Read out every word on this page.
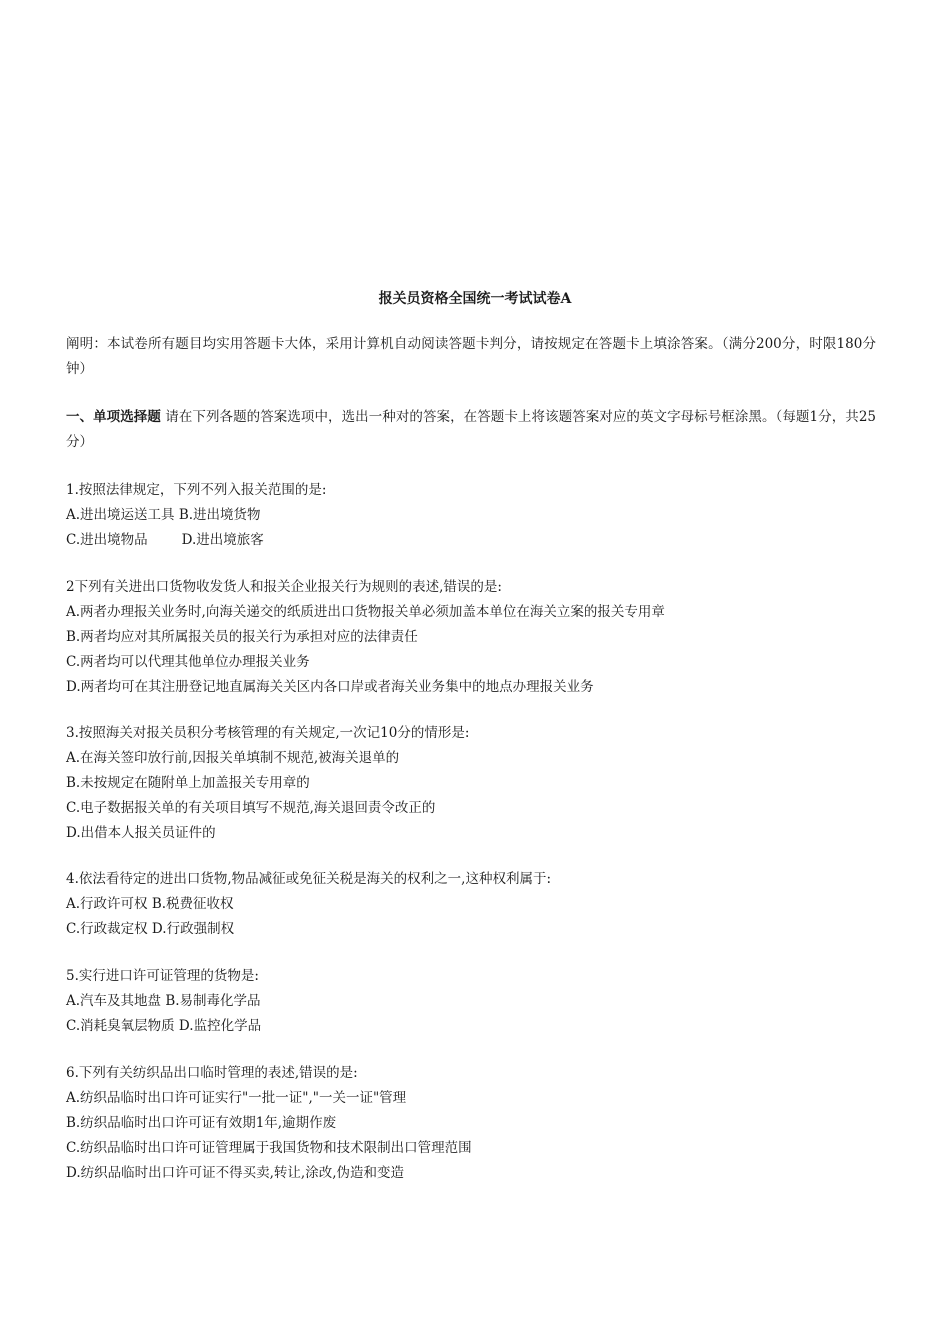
报关员资格全国统一考试试卷A
阐明：本试卷所有题目均实用答题卡大体，采用计算机自动阅读答题卡判分，请按规定在答题卡上填涂答案。（满分200分，时限180分钟）
一、单项选择题 请在下列各题的答案选项中，选出一种对的答案，在答题卡上将该题答案对应的英文字母标号框涂黑。（每题1分，共25分）
1.按照法律规定，下列不列入报关范围的是:
A.进出境运送工具 B.进出境货物
C.进出境物品	D.进出境旅客
2下列有关进出口货物收发货人和报关企业报关行为规则的表述,错误的是:
A.两者办理报关业务时,向海关递交的纸质进出口货物报关单必须加盖本单位在海关立案的报关专用章
B.两者均应对其所属报关员的报关行为承担对应的法律责任
C.两者均可以代理其他单位办理报关业务
D.两者均可在其注册登记地直属海关关区内各口岸或者海关业务集中的地点办理报关业务
3.按照海关对报关员积分考核管理的有关规定,一次记10分的情形是:
A.在海关签印放行前,因报关单填制不规范,被海关退单的
B.未按规定在随附单上加盖报关专用章的
C.电子数据报关单的有关项目填写不规范,海关退回责令改正的
D.出借本人报关员证件的
4.依法看待定的进出口货物,物品减征或免征关税是海关的权利之一,这种权利属于:
A.行政许可权 B.税费征收权
C.行政裁定权 D.行政强制权
5.实行进口许可证管理的货物是:
A.汽车及其地盘 B.易制毒化学品
C.消耗臭氧层物质 D.监控化学品
6.下列有关纺织品出口临时管理的表述,错误的是:
A.纺织品临时出口许可证实行"一批一证","一关一证"管理
B.纺织品临时出口许可证有效期1年,逾期作废
C.纺织品临时出口许可证管理属于我国货物和技术限制出口管理范围
D.纺织品临时出口许可证不得买卖,转让,涂改,伪造和变造
